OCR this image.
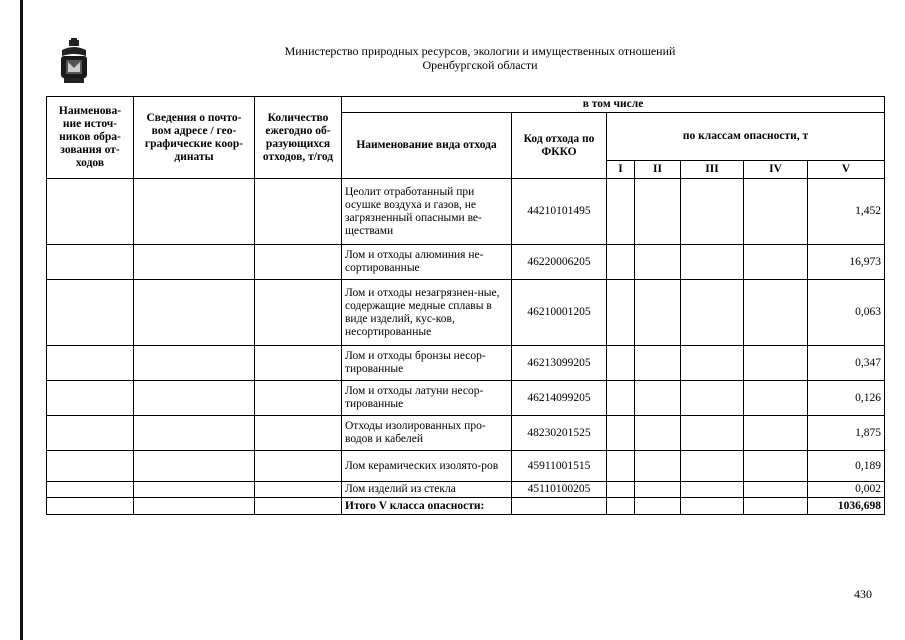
Министерство природных ресурсов, экологии и имущественных отношений
Оренбургской области
Наименова-ние источ-ников обра-зования от-ходов	Сведения о почто-вом адресе / гео-графические коор-динаты	Количество ежегодно об-разующихся отходов, т/год	в том числе						
			Наименование вида отхода	Код отхода по ФККО	по классам опасности, т				
					I	II	III	IV	V
			Цеолит отработанный при осушке воздуха и газов, не загрязненный опасными ве-ществами	44210101495					1,452
			Лом и отходы алюминия не-сортированные	46220006205					16,973
			Лом и отходы незагрязнен-ные, содержащие медные сплавы в виде изделий, кус-ков, несортированные	46210001205					0,063
			Лом и отходы бронзы несор-тированные	46213099205					0,347
			Лом и отходы латуни несор-тированные	46214099205					0,126
			Отходы изолированных про-водов и кабелей	48230201525					1,875
			Лом керамических изолято-ров	45911001515					0,189
			Лом изделий из стекла	45110100205					0,002
			Итого V класса опасности:						1036,698
430
